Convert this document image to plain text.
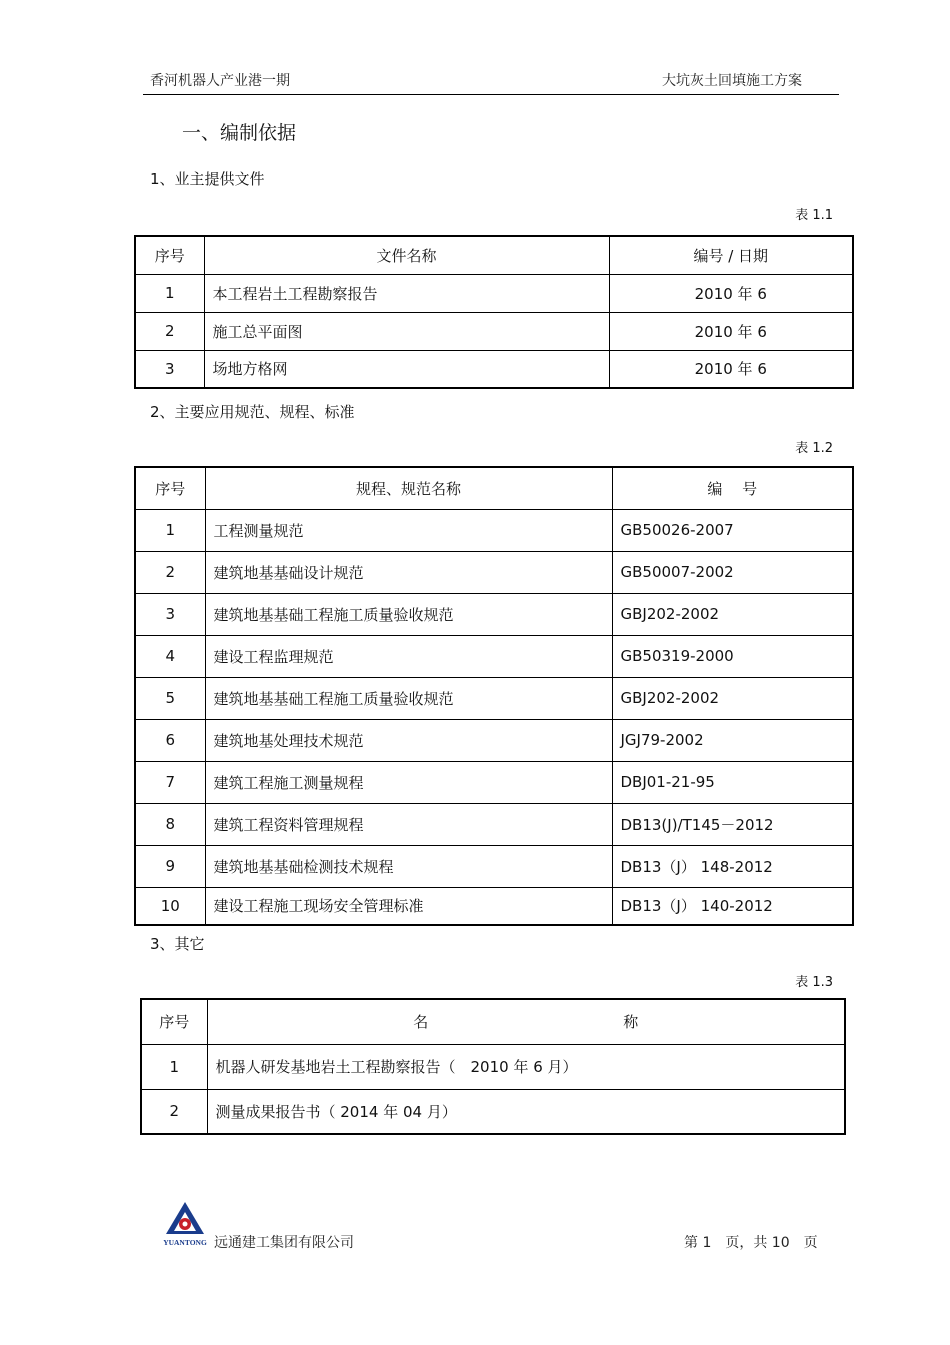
香河机器人产业港一期	大坑灰土回填施工方案
一、编制依据
1、业主提供文件
表 1.1
序号	文件名称	编号 / 日期
1	本工程岩土工程勘察报告	2010 年 6
2	施工总平面图	2010 年 6
3	场地方格网	2010 年 6
2、主要应用规范、规程、标准
表 1.2
序号	规程、规范名称	编　 号
1	工程测量规范	GB50026-2007
2	建筑地基基础设计规范	GB50007-2002
3	建筑地基基础工程施工质量验收规范	GBJ202-2002
4	建设工程监理规范	GB50319-2000
5	建筑地基基础工程施工质量验收规范	GBJ202-2002
6	建筑地基处理技术规范	JGJ79-2002
7	建筑工程施工测量规程	DBJ01-21-95
8	建筑工程资料管理规程	DB13(J)/T145－2012
9	建筑地基基础检测技术规程	DB13（J） 148-2012
10	建设工程施工现场安全管理标准	DB13（J） 140-2012
3、其它
表 1.3
序号	名　　　　　　　　　　　　　称
1	机器人研发基地岩土工程勘察报告（　2010 年 6 月）
2	测量成果报告书（ 2014 年 04 月）
YUANTONG 远通建工集团有限公司	第 1　页，共 10　页
